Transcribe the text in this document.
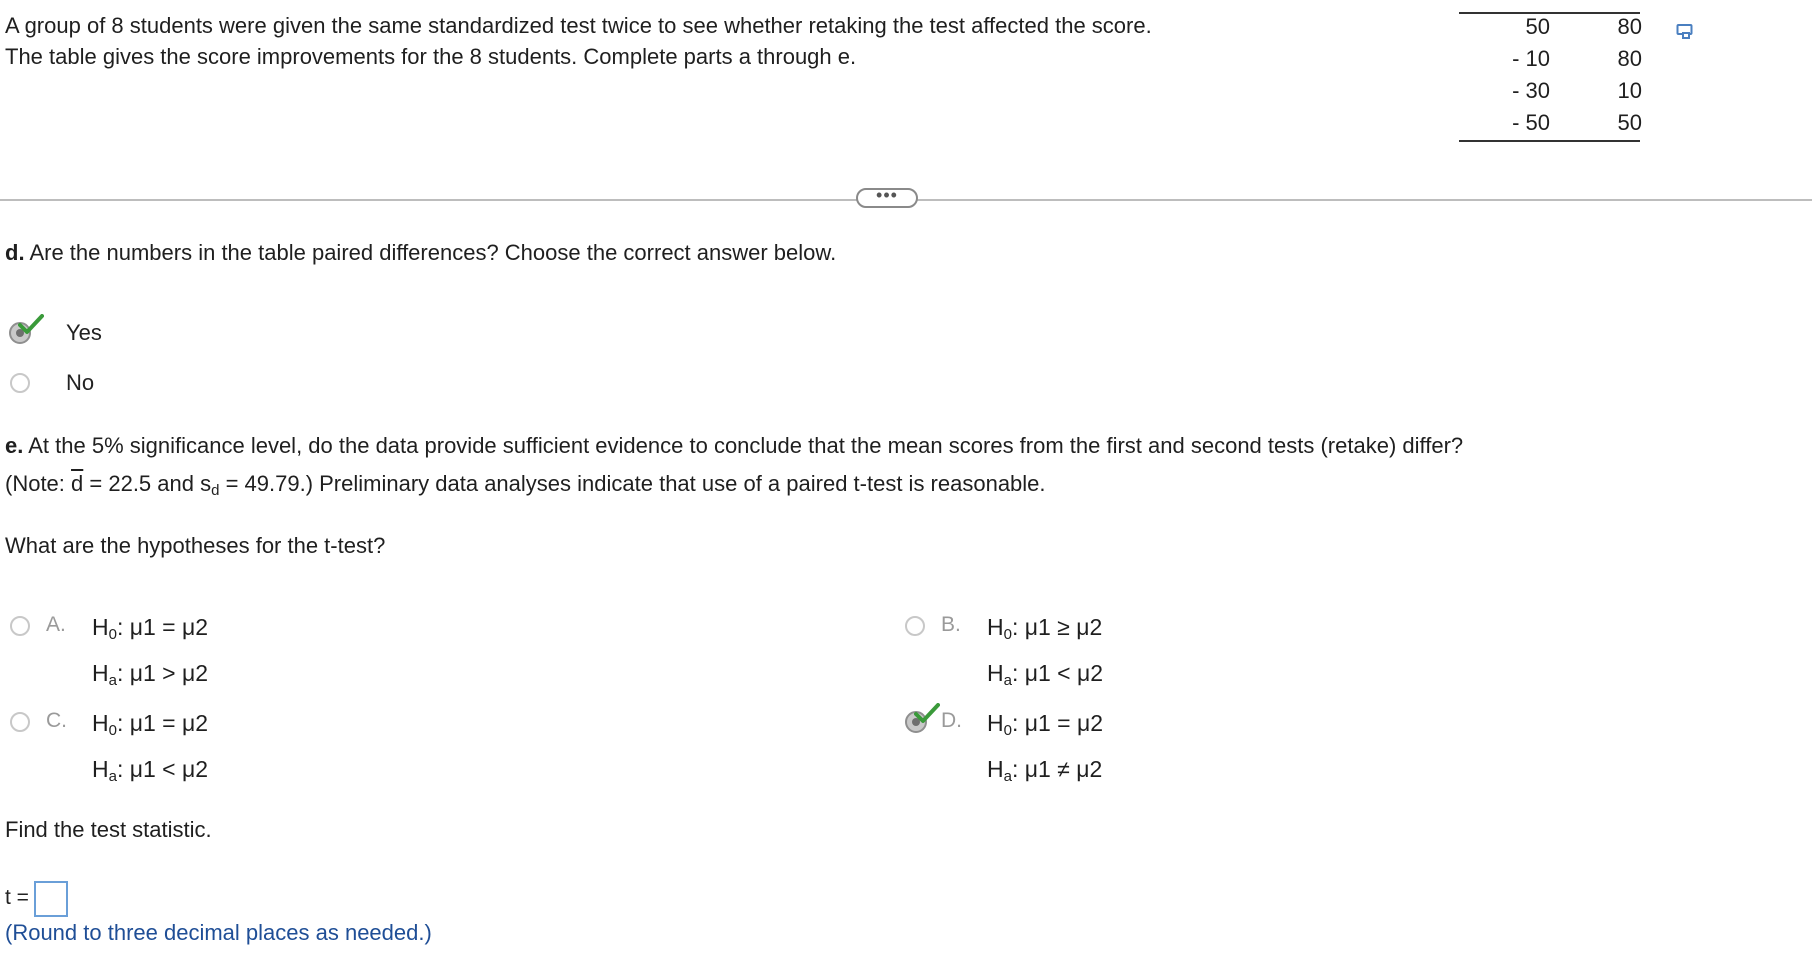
A group of 8 students were given the same standardized test twice to see whether retaking the test affected the score.
The table gives the score improvements for the 8 students. Complete parts a through e.
50
- 10
- 30
- 50
80
80
10
50
•••
d. Are the numbers in the table paired differences? Choose the correct answer below.
Yes
No
e. At the 5% significance level, do the data provide sufficient evidence to conclude that the mean scores from the first and second tests (retake) differ?
(Note: $\overline{d} = 22.5$ and $s_d = 49.79$.) Preliminary data analyses indicate that use of a paired t-test is reasonable.
What are the hypotheses for the t-test?
A. $H_0$: μ1 = μ2
$H_a$: μ1 > μ2
B. $H_0$: μ1 ≥ μ2
$H_a$: μ1 < μ2
C. $H_0$: μ1 = μ2
$H_a$: μ1 < μ2
D. $H_0$: μ1 = μ2
$H_a$: μ1 ≠ μ2
Find the test statistic.
t =
(Round to three decimal places as needed.)
